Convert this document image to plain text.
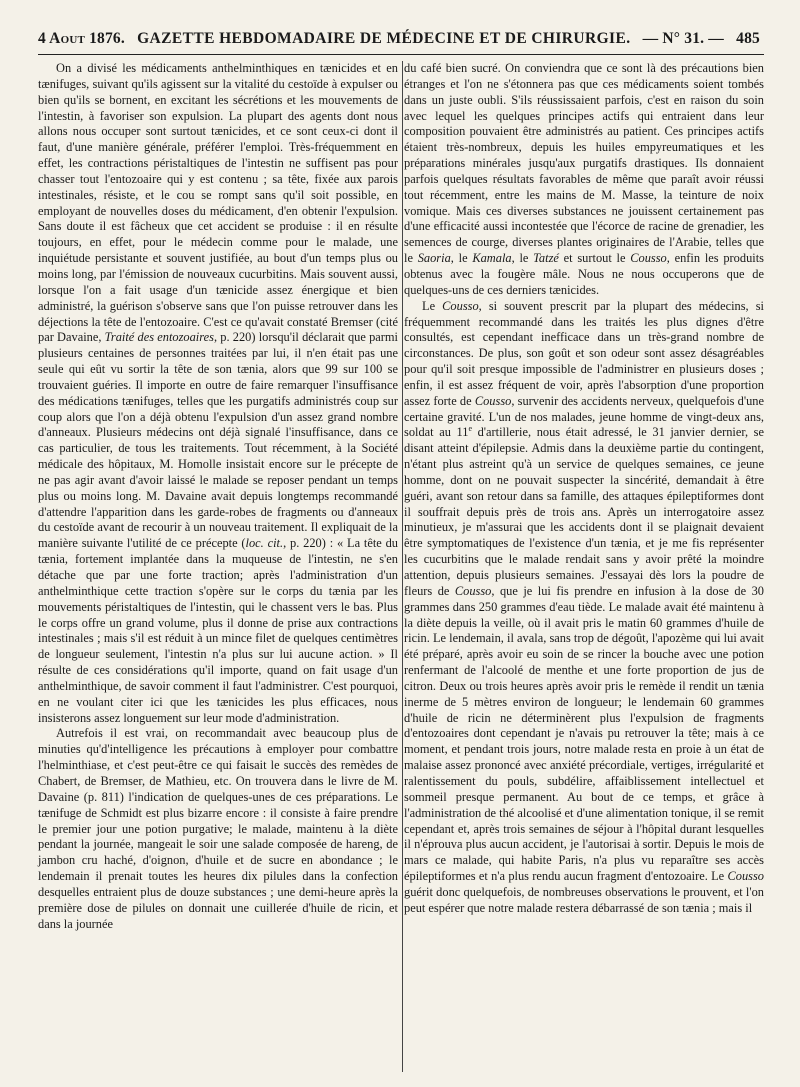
4 Aout 1876. GAZETTE HEBDOMADAIRE DE MÉDECINE ET DE CHIRURGIE. — N° 31. — 485

On a divisé les médicaments anthelminthiques en tænicides et en tænifuges, suivant qu'ils agissent sur la vitalité du cestoïde à expulser ou bien qu'ils se bornent, en excitant les sécrétions et les mouvements de l'intestin, à favoriser son expulsion. La plupart des agents dont nous allons nous occuper sont surtout tænicides, et ce sont ceux-ci dont il faut, d'une manière générale, préférer l'emploi. Très-fréquemment en effet, les contractions péristaltiques de l'intestin ne suffisent pas pour chasser tout l'entozoaire qui y est contenu ; sa tête, fixée aux parois intestinales, résiste, et le cou se rompt sans qu'il soit possible, en employant de nouvelles doses du médicament, d'en obtenir l'expulsion. Sans doute il est fâcheux que cet accident se produise : il en résulte toujours, en effet, pour le médecin comme pour le malade, une inquiétude persistante et souvent justifiée, au bout d'un temps plus ou moins long, par l'émission de nouveaux cucurbitins. Mais souvent aussi, lorsque l'on a fait usage d'un tænicide assez énergique et bien administré, la guérison s'observe sans que l'on puisse retrouver dans les déjections la tête de l'entozoaire. C'est ce qu'avait constaté Bremser (cité par Davaine, Traité des entozoaires, p. 220) lorsqu'il déclarait que parmi plusieurs centaines de personnes traitées par lui, il n'en était pas une seule qui eût vu sortir la tête de son tænia, alors que 99 sur 100 se trouvaient guéries. Il importe en outre de faire remarquer l'insuffisance des médications tænifuges, telles que les purgatifs administrés coup sur coup alors que l'on a déjà obtenu l'expulsion d'un assez grand nombre d'anneaux. Plusieurs médecins ont déjà signalé l'insuffisance, dans ce cas particulier, de tous les traitements. Tout récemment, à la Société médicale des hôpitaux, M. Homolle insistait encore sur le précepte de ne pas agir avant d'avoir laissé le malade se reposer pendant un temps plus ou moins long. M. Davaine avait depuis longtemps recommandé d'attendre l'apparition dans les garde-robes de fragments ou d'anneaux du cestoïde avant de recourir à un nouveau traitement. Il expliquait de la manière suivante l'utilité de ce précepte (loc. cit., p. 220) : « La tête du tænia, fortement implantée dans la muqueuse de l'intestin, ne s'en détache que par une forte traction; après l'administration d'un anthelminthique cette traction s'opère sur le corps du tænia par les mouvements péristaltiques de l'intestin, qui le chassent vers le bas. Plus le corps offre un grand volume, plus il donne de prise aux contractions intestinales ; mais s'il est réduit à un mince filet de quelques centimètres de longueur seulement, l'intestin n'a plus sur lui aucune action. » Il résulte de ces considérations qu'il importe, quand on fait usage d'un anthelminthique, de savoir comment il faut l'administrer. C'est pourquoi, en ne voulant citer ici que les tænicides les plus efficaces, nous insisterons assez longuement sur leur mode d'administration.

Autrefois il est vrai, on recommandait avec beaucoup plus de minuties qu'd'intelligence les précautions à employer pour combattre l'helminthiase, et c'est peut-être ce qui faisait le succès des remèdes de Chabert, de Bremser, de Mathieu, etc. On trouvera dans le livre de M. Davaine (p. 811) l'indication de quelques-unes de ces préparations. Le tænifuge de Schmidt est plus bizarre encore : il consiste à faire prendre le premier jour une potion purgative; le malade, maintenu à la diète pendant la journée, mangeait le soir une salade composée de hareng, de jambon cru haché, d'oignon, d'huile et de sucre en abondance ; le lendemain il prenait toutes les heures dix pilules dans la confection desquelles entraient plus de douze substances ; une demi-heure après la première dose de pilules on donnait une cuillerée d'huile de ricin, et dans la journée

du café bien sucré. On conviendra que ce sont là des précautions bien étranges et l'on ne s'étonnera pas que ces médicaments soient tombés dans un juste oubli. S'ils réussissaient parfois, c'est en raison du soin avec lequel les quelques principes actifs qui entraient dans leur composition pouvaient être administrés au patient. Ces principes actifs étaient très-nombreux, depuis les huiles empyreumatiques et les préparations minérales jusqu'aux purgatifs drastiques. Ils donnaient parfois quelques résultats favorables de même que paraît avoir réussi tout récemment, entre les mains de M. Masse, la teinture de noix vomique. Mais ces diverses substances ne jouissent certainement pas d'une efficacité aussi incontestée que l'écorce de racine de grenadier, les semences de courge, diverses plantes originaires de l'Arabie, telles que le Saoria, le Kamala, le Tatzé et surtout le Cousso, enfin les produits obtenus avec la fougère mâle. Nous ne nous occuperons que de quelques-uns de ces derniers tænicides.

Le Cousso, si souvent prescrit par la plupart des médecins, si fréquemment recommandé dans les traités les plus dignes d'être consultés, est cependant inefficace dans un très-grand nombre de circonstances. De plus, son goût et son odeur sont assez désagréables pour qu'il soit presque impossible de l'administrer en plusieurs doses ; enfin, il est assez fréquent de voir, après l'absorption d'une proportion assez forte de Cousso, survenir des accidents nerveux, quelquefois d'une certaine gravité. L'un de nos malades, jeune homme de vingt-deux ans, soldat au 11e d'artillerie, nous était adressé, le 31 janvier dernier, se disant atteint d'épilepsie. Admis dans la deuxième partie du contingent, n'étant plus astreint qu'à un service de quelques semaines, ce jeune homme, dont on ne pouvait suspecter la sincérité, demandait à être guéri, avant son retour dans sa famille, des attaques épileptiformes dont il souffrait depuis près de trois ans. Après un interrogatoire assez minutieux, je m'assurai que les accidents dont il se plaignait devaient être symptomatiques de l'existence d'un tænia, et je me fis représenter les cucurbitins que le malade rendait sans y avoir prêté la moindre attention, depuis plusieurs semaines. J'essayai dès lors la poudre de fleurs de Cousso, que je lui fis prendre en infusion à la dose de 30 grammes dans 250 grammes d'eau tiède. Le malade avait été maintenu à la diète depuis la veille, où il avait pris le matin 60 grammes d'huile de ricin. Le lendemain, il avala, sans trop de dégoût, l'apozème qui lui avait été préparé, après avoir eu soin de se rincer la bouche avec une potion renfermant de l'alcoolé de menthe et une forte proportion de jus de citron. Deux ou trois heures après avoir pris le remède il rendit un tænia inerme de 5 mètres environ de longueur; le lendemain 60 grammes d'huile de ricin ne déterminèrent plus l'expulsion de fragments d'entozoaires dont cependant je n'avais pu retrouver la tête; mais à ce moment, et pendant trois jours, notre malade resta en proie à un état de malaise assez prononcé avec anxiété précordiale, vertiges, irrégularité et ralentissement du pouls, subdélire, affaiblissement intellectuel et sommeil presque permanent. Au bout de ce temps, et grâce à l'administration de thé alcoolisé et d'une alimentation tonique, il se remit cependant et, après trois semaines de séjour à l'hôpital durant lesquelles il n'éprouva plus aucun accident, je l'autorisai à sortir. Depuis le mois de mars ce malade, qui habite Paris, n'a plus vu reparaître ses accès épileptiformes et n'a plus rendu aucun fragment d'entozoaire. Le Cousso guérit donc quelquefois, de nombreuses observations le prouvent, et l'on peut espérer que notre malade restera débarrassé de son tænia ; mais il
